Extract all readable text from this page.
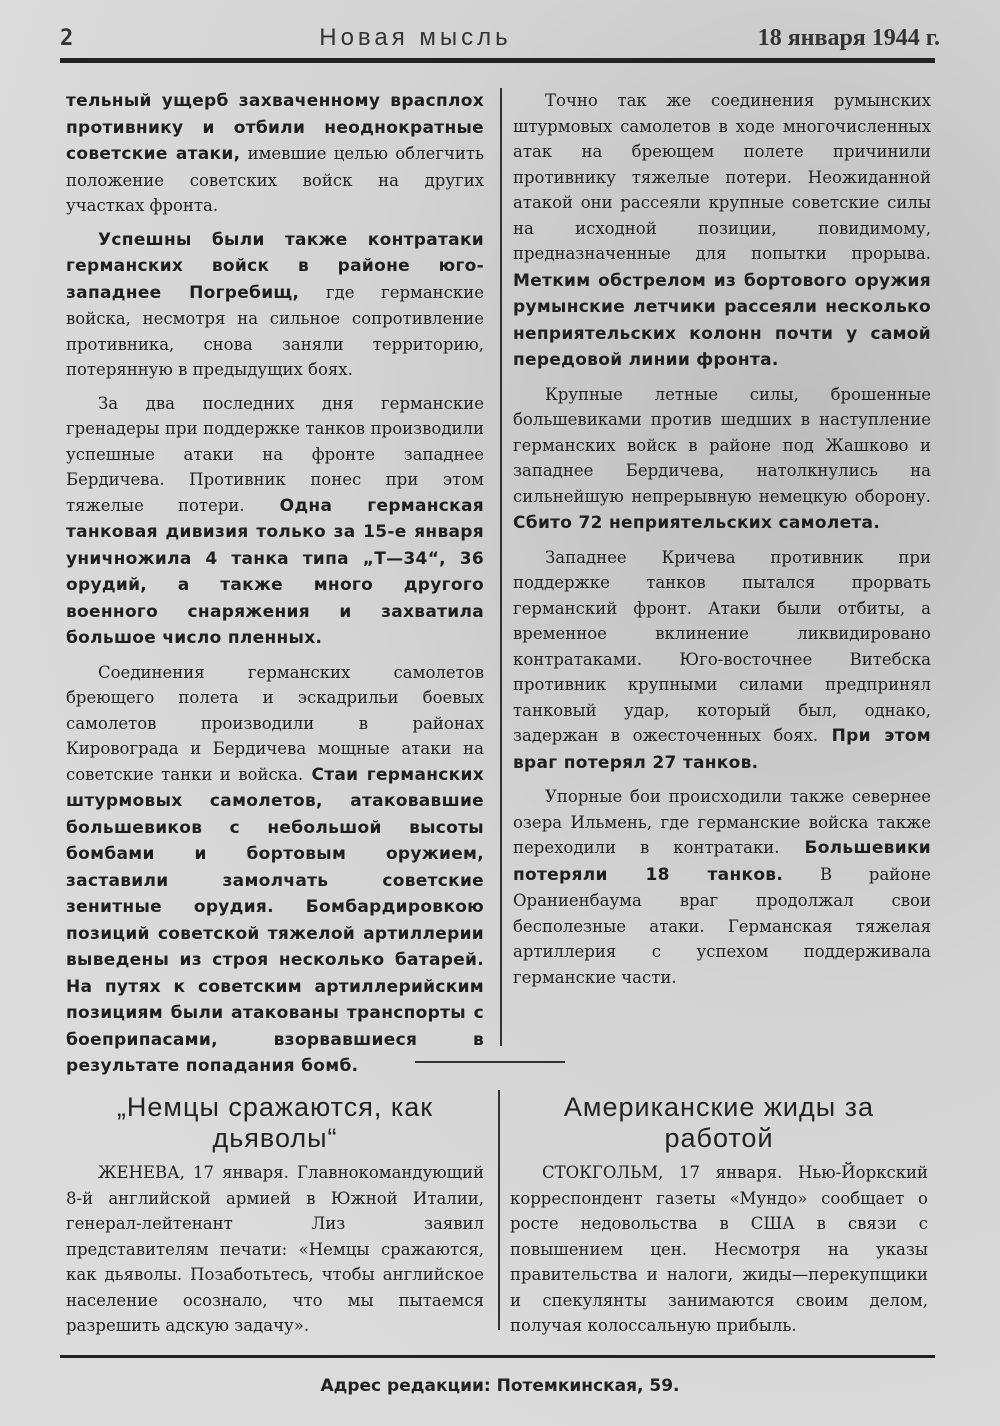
2	Новая мысль	18 января 1944 г.

тельный ущерб захваченному врасплох противнику и отбили неоднократные советские атаки, имевшие целью облегчить положение советских войск на других участках фронта.

Успешны были также контратаки германских войск в районе юго-западнее Погребищ, где германские войска, несмотря на сильное сопротивление противника, снова заняли территорию, потерянную в предыдущих боях.

За два последних дня германские гренадеры при поддержке танков производили успешные атаки на фронте западнее Бердичева. Противник понес при этом тяжелые потери. Одна германская танковая дивизия только за 15-е января уничножила 4 танка типа „Т—34“, 36 орудий, а также много другого военного снаряжения и захватила большое число пленных.

Соединения германских самолетов бреющего полета и эскадрильи боевых самолетов производили в районах Кировограда и Бердичева мощные атаки на советские танки и войска. Стаи германских штурмовых самолетов, атаковавшие большевиков с небольшой высоты бомбами и бортовым оружием, заставили замолчать советские зенитные орудия. Бомбардировкою позиций советской тяжелой артиллерии выведены из строя несколько батарей. На путях к советским артиллерийским позициям были атакованы транспорты с боеприпасами, взорвавшиеся в результате попадания бомб.

Точно так же соединения румынских штурмовых самолетов в ходе многочисленных атак на бреющем полете причинили противнику тяжелые потери. Неожиданной атакой они рассеяли крупные советские силы на исходной позиции, повидимому, предназначенные для попытки прорыва. Метким обстрелом из бортового оружия румынские летчики рассеяли несколько неприятельских колонн почти у самой передовой линии фронта.

Крупные летные силы, брошенные большевиками против шедших в наступление германских войск в районе под Жашково и западнее Бердичева, натолкнулись на сильнейшую непрерывную немецкую оборону. Сбито 72 неприятельских самолета.

Западнее Кричева противник при поддержке танков пытался прорвать германский фронт. Атаки были отбиты, а временное вклинение ликвидировано контратаками. Юго-восточнее Витебска противник крупными силами предпринял танковый удар, который был, однако, задержан в ожесточенных боях. При этом враг потерял 27 танков.

Упорные бои происходили также севернее озера Ильмень, где германские войска также переходили в контратаки. Большевики потеряли 18 танков. В районе Ораниенбаума враг продолжал свои бесполезные атаки. Германская тяжелая артиллерия с успехом поддерживала германские части.

„Немцы сражаются, как дьяволы“

ЖЕНЕВА, 17 января. Главнокомандующий 8-й английской армией в Южной Италии, генерал-лейтенант Лиз заявил представителям печати: «Немцы сражаются, как дьяволы. Позаботьтесь, чтобы английское население осознало, что мы пытаемся разрешить адскую задачу».

Американские жиды за работой

СТОКГОЛЬМ, 17 января. Нью-Йоркский корреспондент газеты «Мундо» сообщает о росте недовольства в США в связи с повышением цен. Несмотря на указы правительства и налоги, жиды—перекупщики и спекулянты занимаются своим делом, получая колоссальную прибыль.

Адрес редакции: Потемкинская, 59.
